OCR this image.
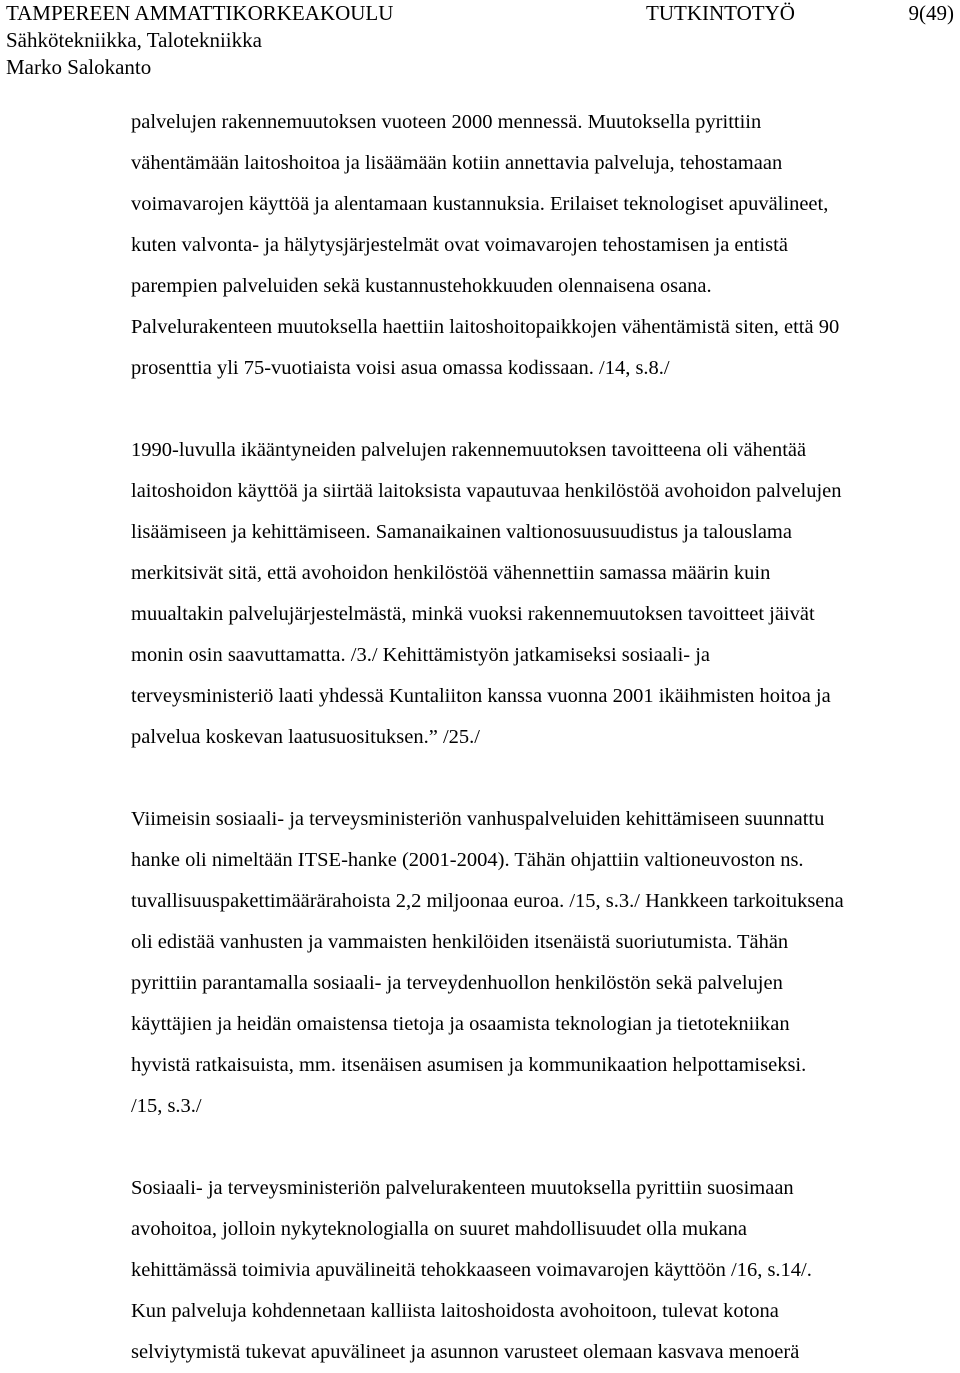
TAMPEREEN AMMATTIKORKEAKOULU	TUTKINTOTYÖ	9(49)
Sähkötekniikka, Talotekniikka
Marko Salokanto

palvelujen rakennemuutoksen vuoteen 2000 mennessä. Muutoksella pyrittiin
vähentämään laitoshoitoa ja lisäämään kotiin annettavia palveluja, tehostamaan
voimavarojen käyttöä ja alentamaan kustannuksia. Erilaiset teknologiset apuvälineet,
kuten valvonta- ja hälytysjärjestelmät ovat voimavarojen tehostamisen ja entistä
parempien palveluiden sekä kustannustehokkuuden olennaisena osana.
Palvelurakenteen muutoksella haettiin laitoshoitopaikkojen vähentämistä siten, että 90
prosenttia yli 75-vuotiaista voisi asua omassa kodissaan. /14, s.8./

1990-luvulla ikääntyneiden palvelujen rakennemuutoksen tavoitteena oli vähentää
laitoshoidon käyttöä ja siirtää laitoksista vapautuvaa henkilöstöä avohoidon palvelujen
lisäämiseen ja kehittämiseen. Samanaikainen valtionosuusuudistus ja talouslama
merkitsivät sitä, että avohoidon henkilöstöä vähennettiin samassa määrin kuin
muualtakin palvelujärjestelmästä, minkä vuoksi rakennemuutoksen tavoitteet jäivät
monin osin saavuttamatta. /3./ Kehittämistyön jatkamiseksi sosiaali- ja
terveysministeriö laati yhdessä Kuntaliiton kanssa vuonna 2001 ikäihmisten hoitoa ja
palvelua koskevan laatusuosituksen.” /25./

Viimeisin sosiaali- ja terveysministeriön vanhuspalveluiden kehittämiseen suunnattu
hanke oli nimeltään ITSE-hanke (2001-2004). Tähän ohjattiin valtioneuvoston ns.
tuvallisuuspakettimäärärahoista 2,2 miljoonaa euroa. /15, s.3./ Hankkeen tarkoituksena
oli edistää vanhusten ja vammaisten henkilöiden itsenäistä suoriutumista. Tähän
pyrittiin parantamalla sosiaali- ja terveydenhuollon henkilöstön sekä palvelujen
käyttäjien ja heidän omaistensa tietoja ja osaamista teknologian ja tietotekniikan
hyvistä ratkaisuista, mm. itsenäisen asumisen ja kommunikaation helpottamiseksi.
/15, s.3./

Sosiaali- ja terveysministeriön palvelurakenteen muutoksella pyrittiin suosimaan
avohoitoa, jolloin nykyteknologialla on suuret mahdollisuudet olla mukana
kehittämässä toimivia apuvälineitä tehokkaaseen voimavarojen käyttöön /16, s.14/.
Kun palveluja kohdennetaan kalliista laitoshoidosta avohoitoon, tulevat kotona
selviytymistä tukevat apuvälineet ja asunnon varusteet olemaan kasvava menoerä
